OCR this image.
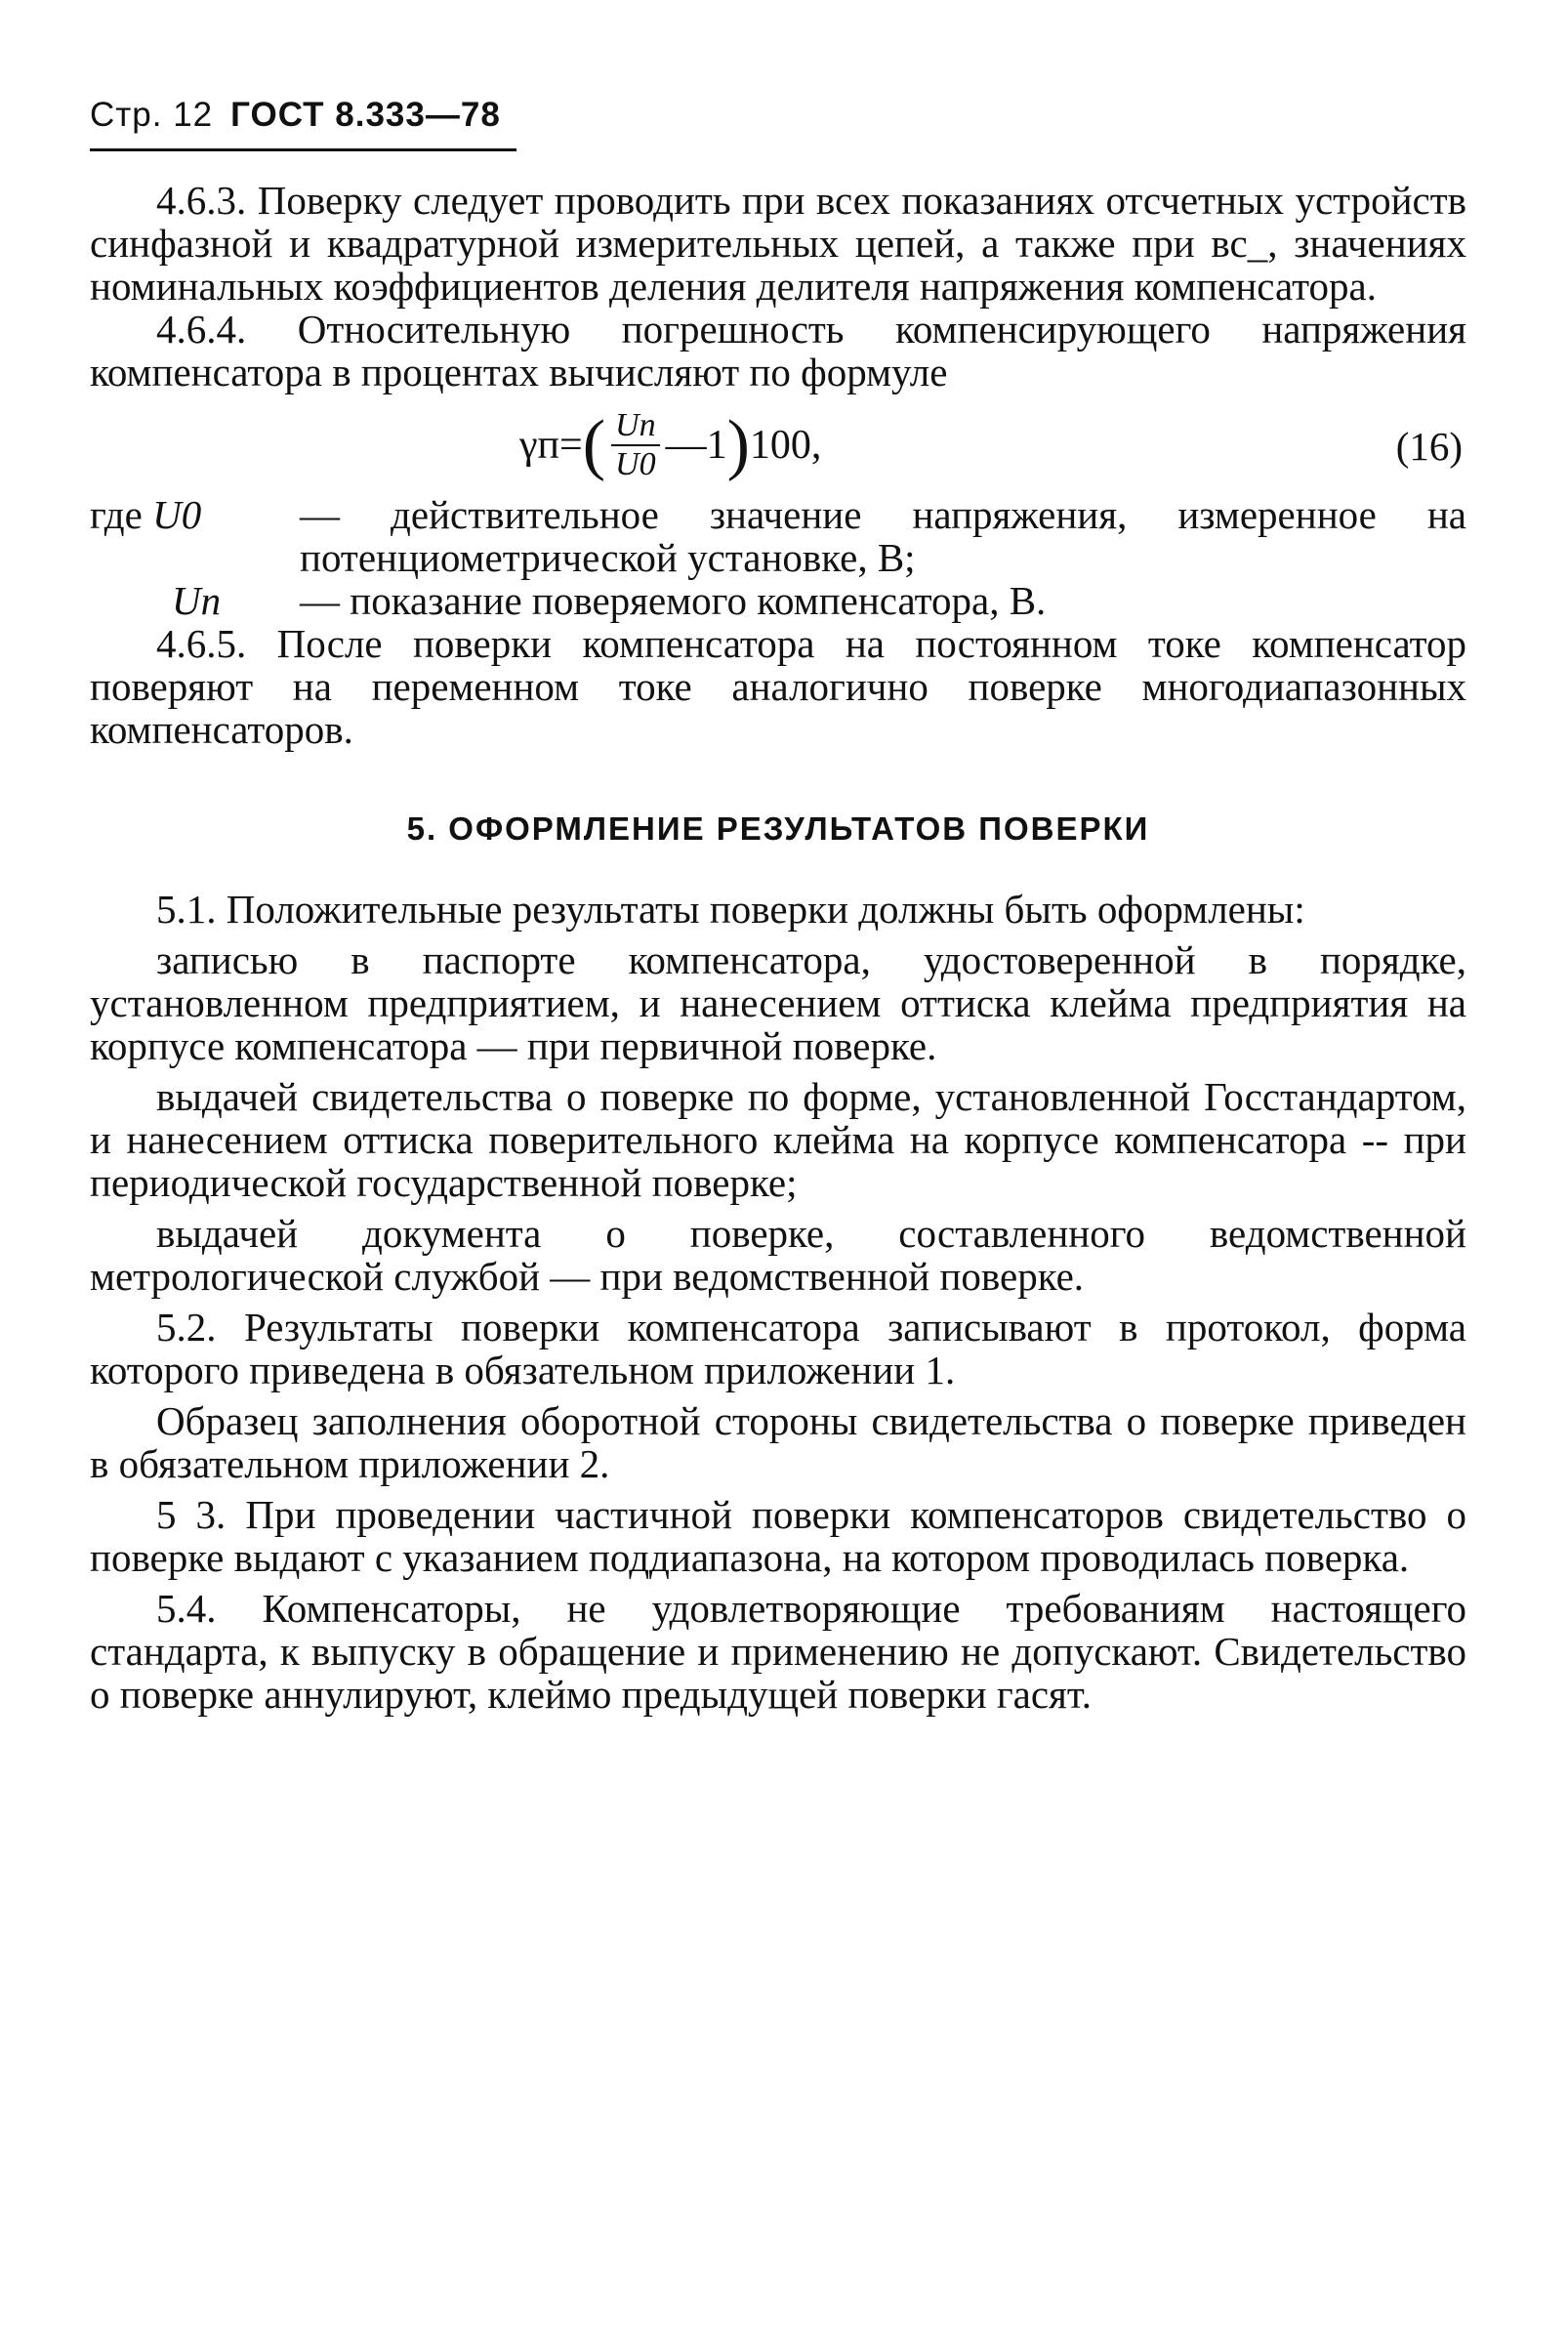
Стр. 12 ГОСТ 8.333—78

4.6.3. Поверку следует проводить при всех показаниях отсчетных устройств синфазной и квадратурной измерительных цепей, а также при вс_, значениях номинальных коэффициентов деления делителя напряжения компенсатора.

4.6.4. Относительную погрешность компенсирующего напряжения компенсатора в процентах вычисляют по формуле

γп= ( $\frac{Uп}{U0}$ —1 ) 100,	(16)
где U0	— действительное значение напряжения, измеренное на потенциометрической установке, В;
Uп	— показание поверяемого компенсатора, В.

4.6.5. После поверки компенсатора на постоянном токе компенсатор поверяют на переменном токе аналогично поверке многодиапазонных компенсаторов.

5. ОФОРМЛЕНИЕ РЕЗУЛЬТАТОВ ПОВЕРКИ

5.1. Положительные результаты поверки должны быть оформлены:

записью в паспорте компенсатора, удостоверенной в порядке, установленном предприятием, и нанесением оттиска клейма предприятия на корпусе компенсатора — при первичной поверке.

выдачей свидетельства о поверке по форме, установленной Госстандартом, и нанесением оттиска поверительного клейма на корпусе компенсатора -- при периодической государственной поверке;

выдачей документа о поверке, составленного ведомственной метрологической службой — при ведомственной поверке.

5.2. Результаты поверки компенсатора записывают в протокол, форма которого приведена в обязательном приложении 1.

Образец заполнения оборотной стороны свидетельства о поверке приведен в обязательном приложении 2.

5 3. При проведении частичной поверки компенсаторов свидетельство о поверке выдают с указанием поддиапазона, на котором проводилась поверка.

5.4. Компенсаторы, не удовлетворяющие требованиям настоящего стандарта, к выпуску в обращение и применению не допускают. Свидетельство о поверке аннулируют, клеймо предыдущей поверки гасят.
